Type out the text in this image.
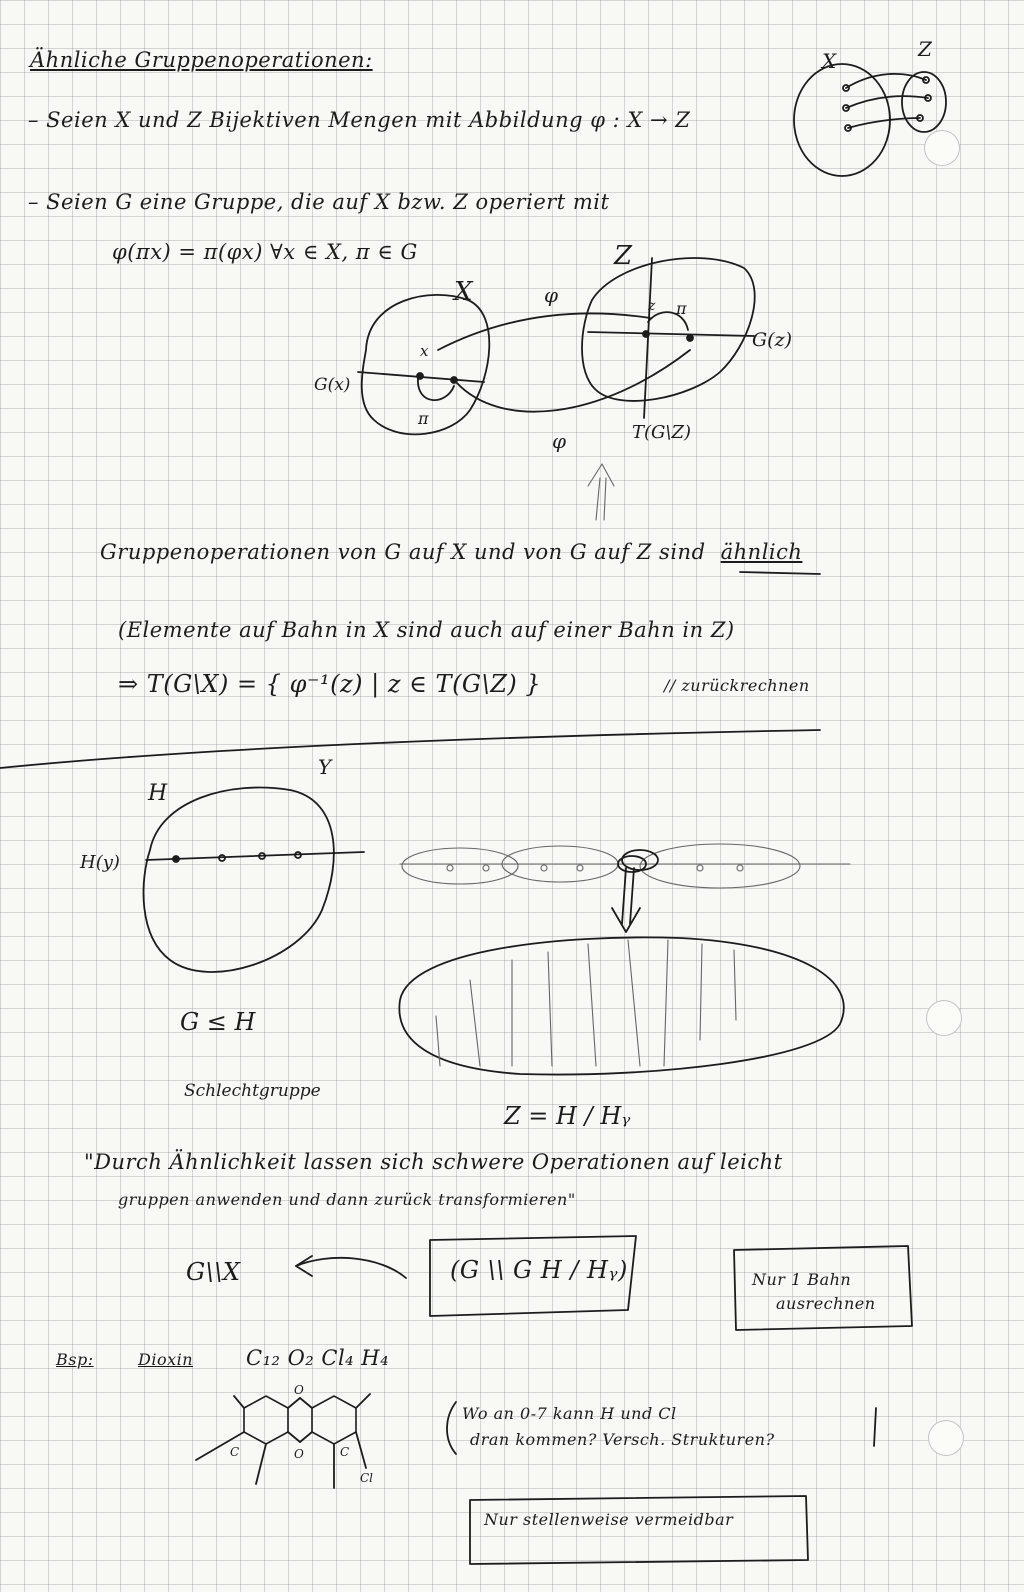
Ähnliche Gruppenoperationen:
– Seien X und Z Bijektiven Mengen mit Abbildung φ : X → Z
– Seien G eine Gruppe, die auf X bzw. Z operiert mit
φ(πx) = π(φx) ∀x ∈ X, π ∈ G
Gruppenoperationen von G auf X und von G auf Z sind ähnlich
(Elemente auf Bahn in X sind auch auf einer Bahn in Z)
⇒ T(G\X) = { φ⁻¹(z) | z ∈ T(G\Z) }	// zurückrechnen
"Durch Ähnlichkeit lassen sich schwere Operationen auf leicht
gruppen anwenden und dann zurück transformieren"
G\\X	(G \\ G H / Hᵧ)	Nur 1 Bahn
ausrechnen
Bsp:	Dioxin	C₁₂ O₂ Cl₄ H₄
Wo an 0-7 kann H und Cl
dran kommen? Versch. Strukturen?
Nur stellenweise vermeidbar
X	Z
X
Z
φ
φ
π
π
G(x)
G(z)
T(G\Z)
x
z
H
Y
H(y)
G ≤ H
Schlechtgruppe
Z = H / Hᵧ
O
O
C	C
Cl
